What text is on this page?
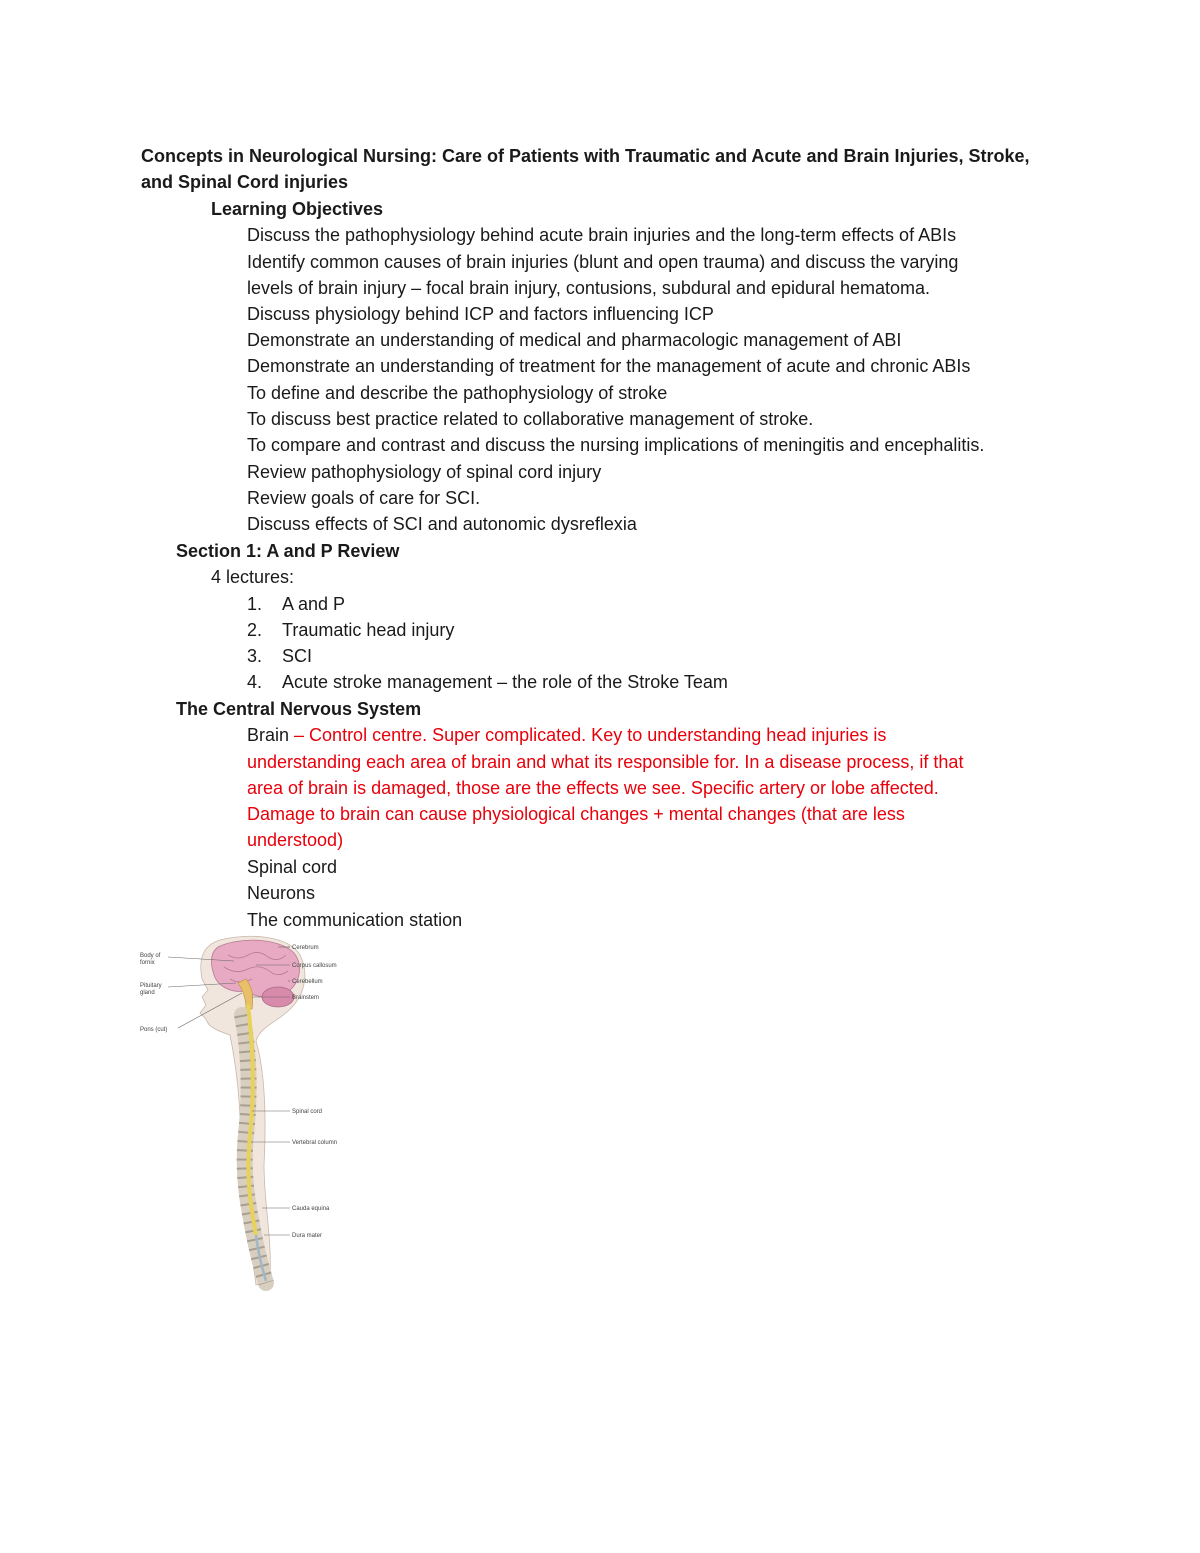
Concepts in Neurological Nursing: Care of Patients with Traumatic and Acute and Brain Injuries, Stroke,
and Spinal Cord injuries
Learning Objectives
Discuss the pathophysiology behind acute brain injuries and the long-term effects of ABIs
Identify common causes of brain injuries (blunt and open trauma) and discuss the varying
levels of brain injury – focal brain injury, contusions, subdural and epidural hematoma.
Discuss physiology behind ICP and factors influencing ICP
Demonstrate an understanding of medical and pharmacologic management of ABI
Demonstrate an understanding of treatment for the management of acute and chronic ABIs
To define and describe the pathophysiology of stroke
To discuss best practice related to collaborative management of stroke.
To compare and contrast and discuss the nursing implications of meningitis and encephalitis.
Review pathophysiology of spinal cord injury
Review goals of care for SCI.
Discuss effects of SCI and autonomic dysreflexia
Section 1: A and P Review
4 lectures:
1. A and P
2. Traumatic head injury
3. SCI
4. Acute stroke management – the role of the Stroke Team
The Central Nervous System
Brain – Control centre. Super complicated. Key to understanding head injuries is
understanding each area of brain and what its responsible for. In a disease process, if that
area of brain is damaged, those are the effects we see. Specific artery or lobe affected.
Damage to brain can cause physiological changes + mental changes (that are less
understood)
Spinal cord
Neurons
The communication station
Cerebrum
Corpus callosum
Cerebellum
Brainstem
Spinal cord
Vertebral column
Cauda equina
Dura mater
Body of
fornix
Pituitary
gland
Pons (cut)
